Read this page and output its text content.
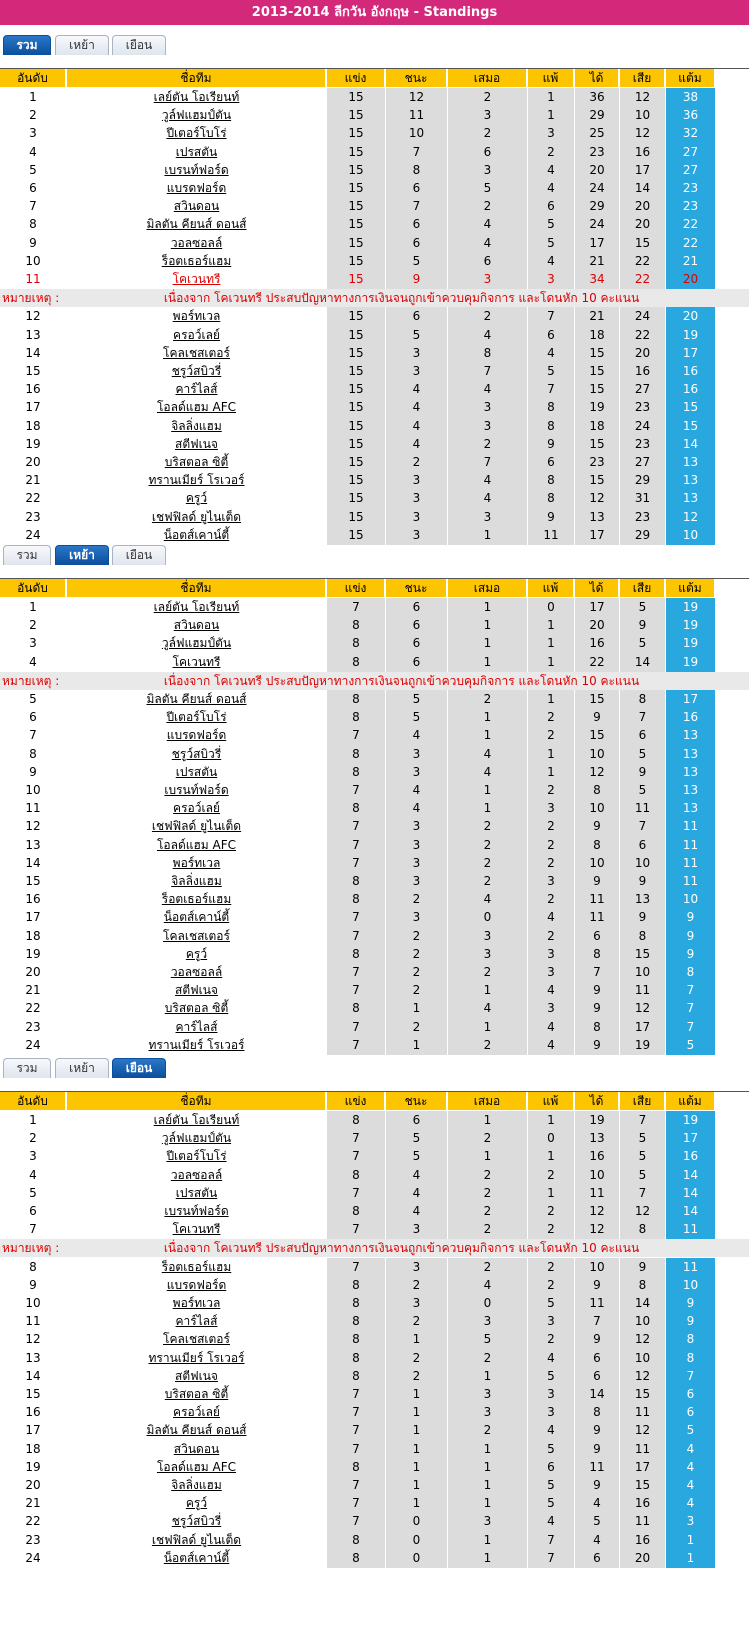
รวม	เหย้า	เยือน
อันดับ	ชื่อทีม	แข่ง	ชนะ	เสมอ	แพ้	ได้	เสีย	แต้ม
1	เลย์ตัน โอเรียนท์	15	12	2	1	36	12	38
2	วูล์ฟแฮมป์ตัน	15	11	3	1	29	10	36
3	ปีเตอร์โบโร่	15	10	2	3	25	12	32
4	เปรสตัน	15	7	6	2	23	16	27
5	เบรนท์ฟอร์ด	15	8	3	4	20	17	27
6	แบรดฟอร์ด	15	6	5	4	24	14	23
7	สวินดอน	15	7	2	6	29	20	23
8	มิลตัน คียนส์ ดอนส์	15	6	4	5	24	20	22
9	วอลซอลล์	15	6	4	5	17	15	22
10	ร็อตเธอร์แฮม	15	5	6	4	21	22	21
11	โคเวนทรี	15	9	3	3	34	22	20
หมายเหตุ :	เนื่องจาก โคเวนทรี ประสบปัญหาทางการเงินจนถูกเข้าควบคุมกิจการ และโดนหัก 10 คะแนน
12	พอร์ทเวล	15	6	2	7	21	24	20
13	ครอว์เลย์	15	5	4	6	18	22	19
14	โคลเชสเตอร์	15	3	8	4	15	20	17
15	ชรูว์สบิวรี่	15	3	7	5	15	16	16
16	คาร์ไลส์	15	4	4	7	15	27	16
17	โอลด์แฮม AFC	15	4	3	8	19	23	15
18	จิลลิ่งแฮม	15	4	3	8	18	24	15
19	สตีฟเนจ	15	4	2	9	15	23	14
20	บริสตอล ซิตี้	15	2	7	6	23	27	13
21	ทรานเมียร์ โรเวอร์	15	3	4	8	15	29	13
22	ครูว์	15	3	4	8	12	31	13
23	เชฟฟิลด์ ยูไนเต็ด	15	3	3	9	13	23	12
24	น็อตส์เคาน์ตี้	15	3	1	11	17	29	10
รวม	เหย้า	เยือน
อันดับ	ชื่อทีม	แข่ง	ชนะ	เสมอ	แพ้	ได้	เสีย	แต้ม
1	เลย์ตัน โอเรียนท์	7	6	1	0	17	5	19
2	สวินดอน	8	6	1	1	20	9	19
3	วูล์ฟแฮมป์ตัน	8	6	1	1	16	5	19
4	โคเวนทรี	8	6	1	1	22	14	19
หมายเหตุ :	เนื่องจาก โคเวนทรี ประสบปัญหาทางการเงินจนถูกเข้าควบคุมกิจการ และโดนหัก 10 คะแนน
5	มิลตัน คียนส์ ดอนส์	8	5	2	1	15	8	17
6	ปีเตอร์โบโร่	8	5	1	2	9	7	16
7	แบรดฟอร์ด	7	4	1	2	15	6	13
8	ชรูว์สบิวรี่	8	3	4	1	10	5	13
9	เปรสตัน	8	3	4	1	12	9	13
10	เบรนท์ฟอร์ด	7	4	1	2	8	5	13
11	ครอว์เลย์	8	4	1	3	10	11	13
12	เชฟฟิลด์ ยูไนเต็ด	7	3	2	2	9	7	11
13	โอลด์แฮม AFC	7	3	2	2	8	6	11
14	พอร์ทเวล	7	3	2	2	10	10	11
15	จิลลิ่งแฮม	8	3	2	3	9	9	11
16	ร็อตเธอร์แฮม	8	2	4	2	11	13	10
17	น็อตส์เคาน์ตี้	7	3	0	4	11	9	9
18	โคลเชสเตอร์	7	2	3	2	6	8	9
19	ครูว์	8	2	3	3	8	15	9
20	วอลซอลล์	7	2	2	3	7	10	8
21	สตีฟเนจ	7	2	1	4	9	11	7
22	บริสตอล ซิตี้	8	1	4	3	9	12	7
23	คาร์ไลส์	7	2	1	4	8	17	7
24	ทรานเมียร์ โรเวอร์	7	1	2	4	9	19	5
รวม	เหย้า	เยือน
อันดับ	ชื่อทีม	แข่ง	ชนะ	เสมอ	แพ้	ได้	เสีย	แต้ม
1	เลย์ตัน โอเรียนท์	8	6	1	1	19	7	19
2	วูล์ฟแฮมป์ตัน	7	5	2	0	13	5	17
3	ปีเตอร์โบโร่	7	5	1	1	16	5	16
4	วอลซอลล์	8	4	2	2	10	5	14
5	เปรสตัน	7	4	2	1	11	7	14
6	เบรนท์ฟอร์ด	8	4	2	2	12	12	14
7	โคเวนทรี	7	3	2	2	12	8	11
หมายเหตุ :	เนื่องจาก โคเวนทรี ประสบปัญหาทางการเงินจนถูกเข้าควบคุมกิจการ และโดนหัก 10 คะแนน
8	ร็อตเธอร์แฮม	7	3	2	2	10	9	11
9	แบรดฟอร์ด	8	2	4	2	9	8	10
10	พอร์ทเวล	8	3	0	5	11	14	9
11	คาร์ไลส์	8	2	3	3	7	10	9
12	โคลเชสเตอร์	8	1	5	2	9	12	8
13	ทรานเมียร์ โรเวอร์	8	2	2	4	6	10	8
14	สตีฟเนจ	8	2	1	5	6	12	7
15	บริสตอล ซิตี้	7	1	3	3	14	15	6
16	ครอว์เลย์	7	1	3	3	8	11	6
17	มิลตัน คียนส์ ดอนส์	7	1	2	4	9	12	5
18	สวินดอน	7	1	1	5	9	11	4
19	โอลด์แฮม AFC	8	1	1	6	11	17	4
20	จิลลิ่งแฮม	7	1	1	5	9	15	4
21	ครูว์	7	1	1	5	4	16	4
22	ชรูว์สบิวรี่	7	0	3	4	5	11	3
23	เชฟฟิลด์ ยูไนเต็ด	8	0	1	7	4	16	1
24	น็อตส์เคาน์ตี้	8	0	1	7	6	20	1
2013-2014 ลีกวัน อังกฤษ - Standings
